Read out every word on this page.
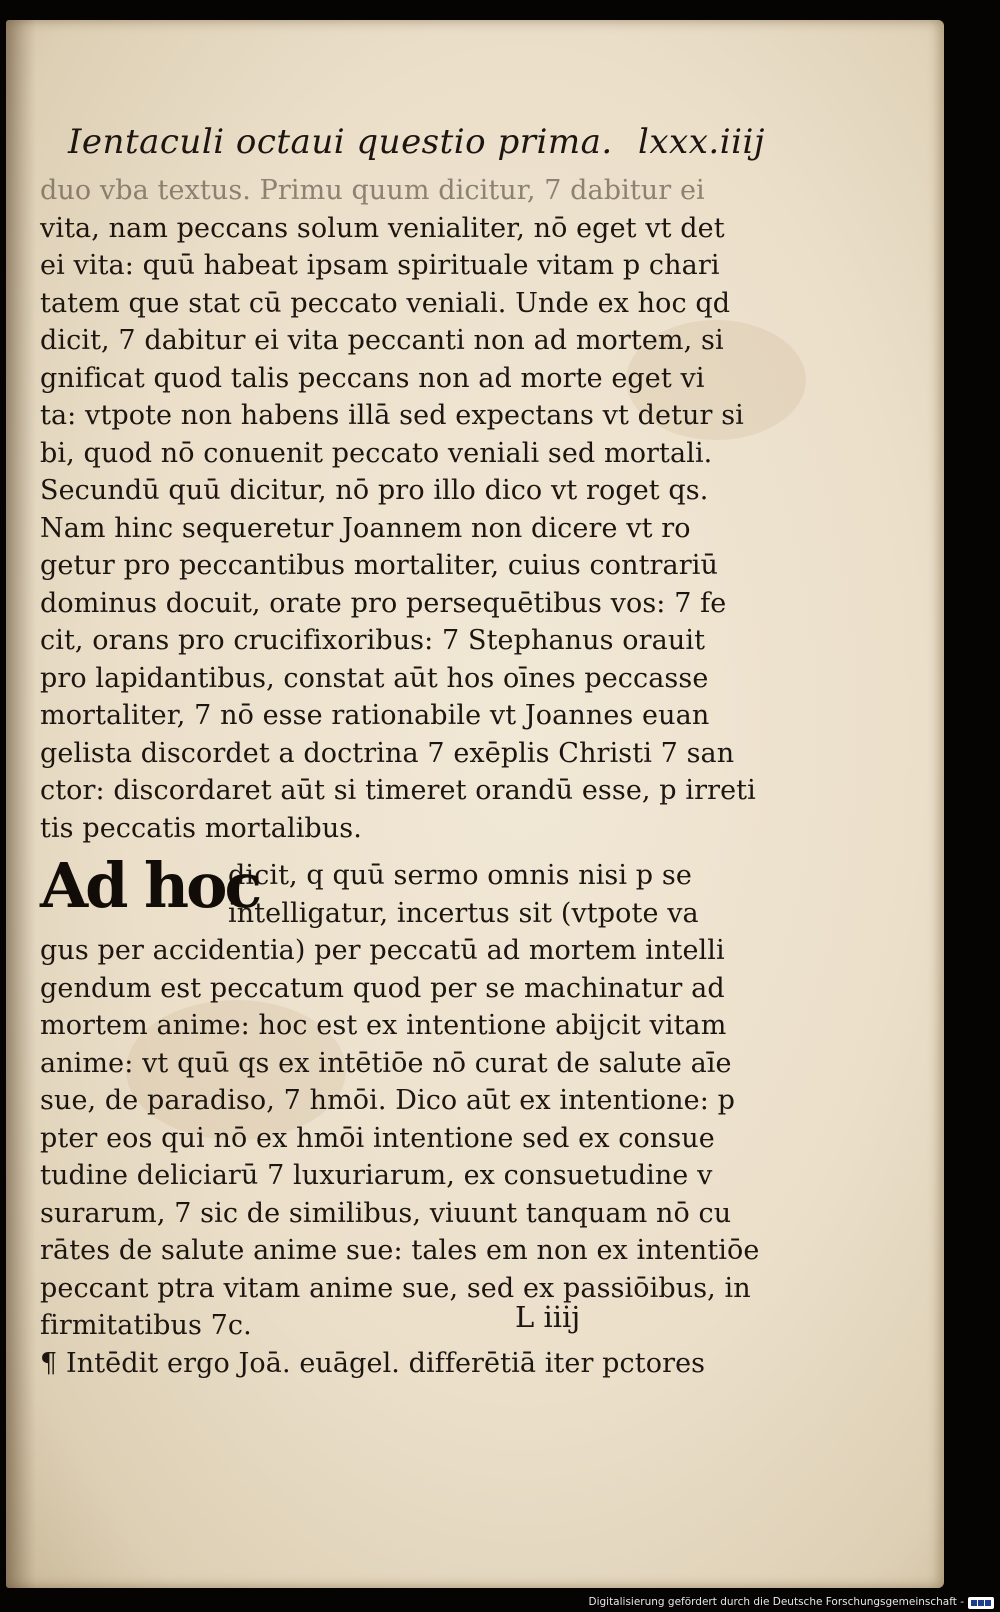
Ientaculi octaui questio prima. lxxx.iiij
duo vba textus. Primu quum dicitur, 7 dabitur ei
vita, nam peccans solum venialiter, nō eget vt det
ei vita: quū habeat ipsam spirituale vitam p chari
tatem que stat cū peccato veniali. Unde ex hoc qd
dicit, 7 dabitur ei vita peccanti non ad mortem, si
gnificat quod talis peccans non ad morte eget vi
ta: vtpote non habens illā sed expectans vt detur si
bi, quod nō conuenit peccato veniali sed mortali.
Secundū quū dicitur, nō pro illo dico vt roget qs.
Nam hinc sequeretur Joannem non dicere vt ro
getur pro peccantibus mortaliter, cuius contrariū
dominus docuit, orate pro persequētibus vos: 7 fe
cit, orans pro crucifixoribus: 7 Stephanus orauit
pro lapidantibus, constat aūt hos oīnes peccasse
mortaliter, 7 nō esse rationabile vt Joannes euan
gelista discordet a doctrina 7 exēplis Christi 7 san
ctor: discordaret aūt si timeret orandū esse, p irreti
tis peccatis mortalibus.
Ad hoc
dicit, q quū sermo omnis nisi p se
intelligatur, incertus sit (vtpote va
gus per accidentia) per peccatū ad mortem intelli
gendum est peccatum quod per se machinatur ad
mortem anime: hoc est ex intentione abijcit vitam
anime: vt quū qs ex intētiōe nō curat de salute aīe
sue, de paradiso, 7 hmōi. Dico aūt ex intentione: p
pter eos qui nō ex hmōi intentione sed ex consue
tudine deliciarū 7 luxuriarum, ex consuetudine v
surarum, 7 sic de similibus, viuunt tanquam nō cu
rātes de salute anime sue: tales em non ex intentiōe
peccant ptra vitam anime sue, sed ex passiōibus, in
firmitatibus 7c.
¶ Intēdit ergo Joā. euāgel. differētiā iter pctores
L iiij
Digitalisierung gefördert durch die Deutsche Forschungsgemeinschaft -
